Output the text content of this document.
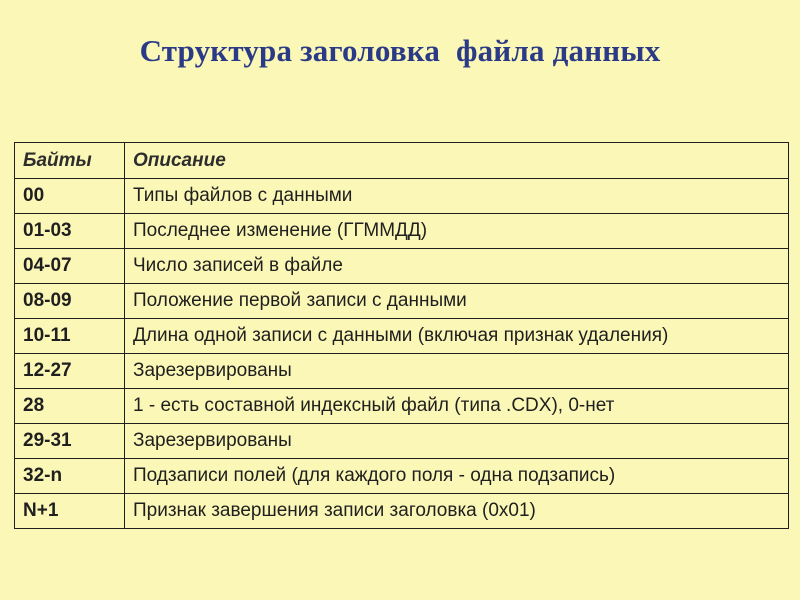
Структура заголовка  файла данных
Байты	Описание
00	Типы файлов с данными
01-03	Последнее изменение (ГГММДД)
04-07	Число записей в файле
08-09	Положение первой записи с данными
10-11	Длина одной записи с данными (включая признак удаления)
12-27	Зарезервированы
28	1 - есть составной индексный файл (типа .CDX), 0-нет
29-31	Зарезервированы
32-n	Подзаписи полей (для каждого поля - одна подзапись)
N+1	Признак завершения записи заголовка (0x01)
